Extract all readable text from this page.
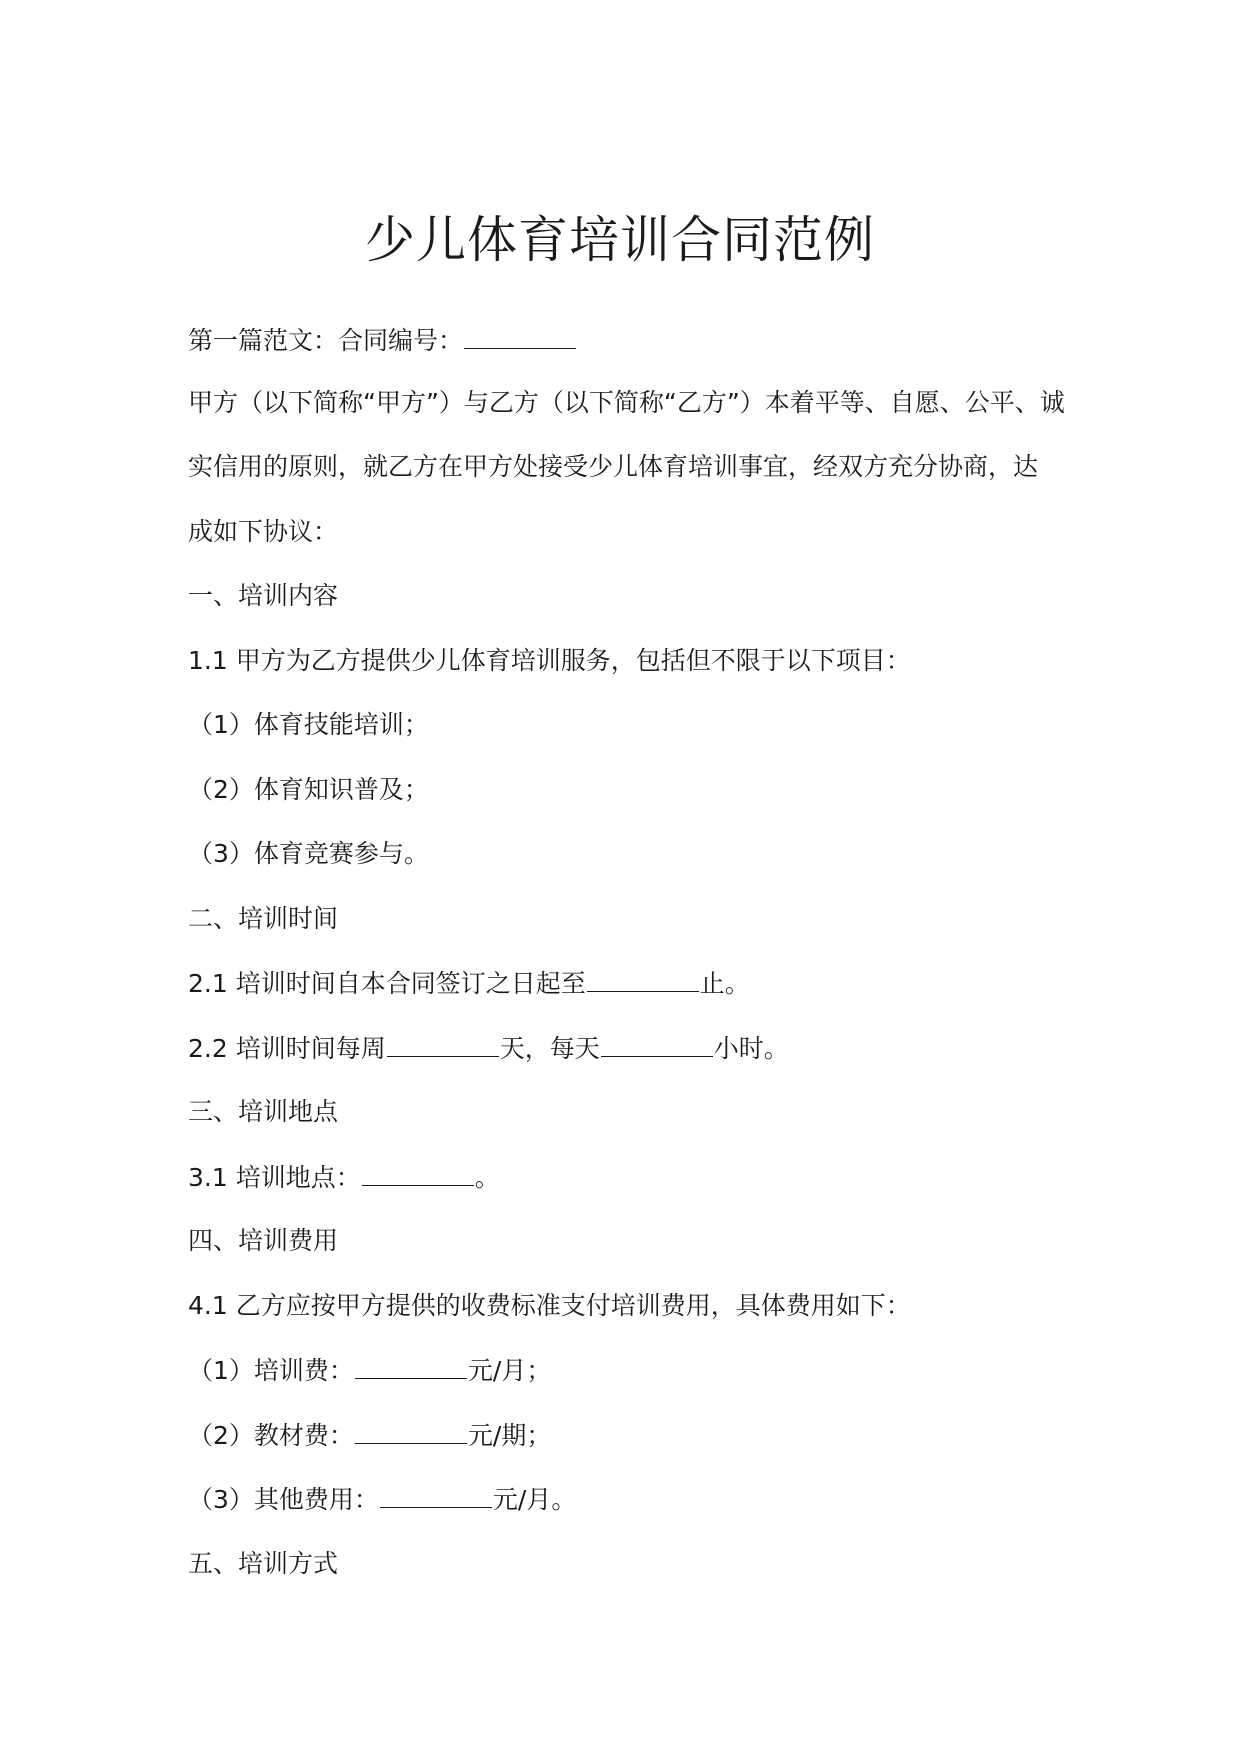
少儿体育培训合同范例

第一篇范文：合同编号：

甲方（以下简称“甲方”）与乙方（以下简称“乙方”）本着平等、自愿、公平、诚

实信用的原则，就乙方在甲方处接受少儿体育培训事宜，经双方充分协商，达

成如下协议：

一、培训内容

1.1 甲方为乙方提供少儿体育培训服务，包括但不限于以下项目：

（1）体育技能培训；

（2）体育知识普及；

（3）体育竞赛参与。

二、培训时间

2.1 培训时间自本合同签订之日起至	止。

2.2 培训时间每周	天，每天	小时。

三、培训地点

3.1 培训地点：	。

四、培训费用

4.1 乙方应按甲方提供的收费标准支付培训费用，具体费用如下：

（1）培训费：	元/月；

（2）教材费：	元/期；

（3）其他费用：	元/月。

五、培训方式
